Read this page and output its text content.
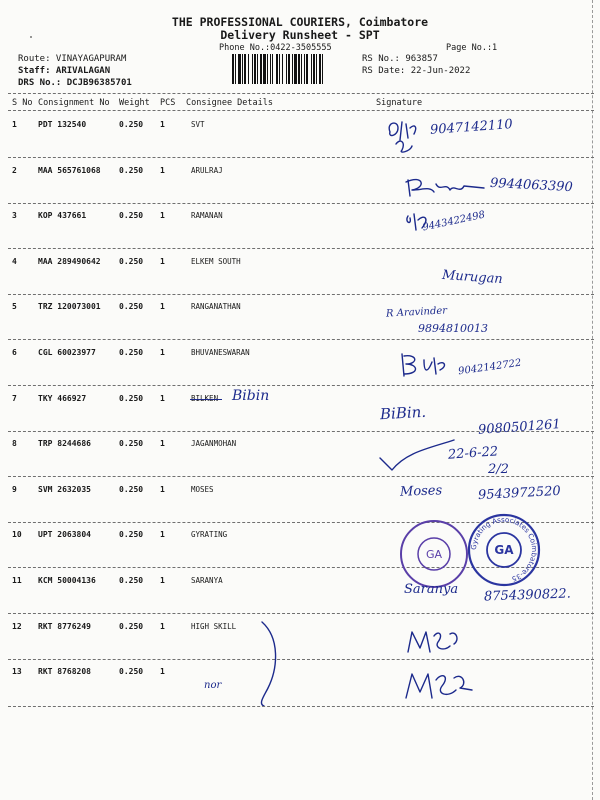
THE PROFESSIONAL COURIERS, Coimbatore
Delivery Runsheet - SPT
Phone No.:0422-3505555	Page No.:1
Route: VINAYAGAPURAM
Staff: ARIVALAGAN
DRS No.: DCJB96385701
RS No.: 963857
RS Date: 22-Jun-2022
S No Consignment No Weight PCS Consignee Details	Signature
1	PDT 132540	0.250 1	SVT
2	MAA 565761068 0.250 1	ARULRAJ
3	KOP 437661	0.250 1	RAMANAN
4	MAA 289490642 0.250 1	ELKEM SOUTH
5	TRZ 120073001 0.250 1	RANGANATHAN
6	CGL 60023977	0.250 1	BHUVANESWARAN
7	TKY 466927	0.250 1	BILKEN
8	TRP 8244686	0.250 1	JAGANMOHAN
9	SVM 2632035	0.250 1	MOSES
10	UPT 2063804	0.250 1	GYRATING
11	KCM 50004136	0.250 1	SARANYA
12	RKT 8776249	0.250 1	HIGH SKILL
13	RKT 8768208	0.250 1
9047142110
9944063390
9443422498
Murugan
R Aravinder
9894810013
9042142722
Bibin
BiBin.
9080501261
22-6-22
2/2
Moses	9543972520
GA
Gyrating Associates Coimbatore-35
GA
Saranya 8754390822.
nor
